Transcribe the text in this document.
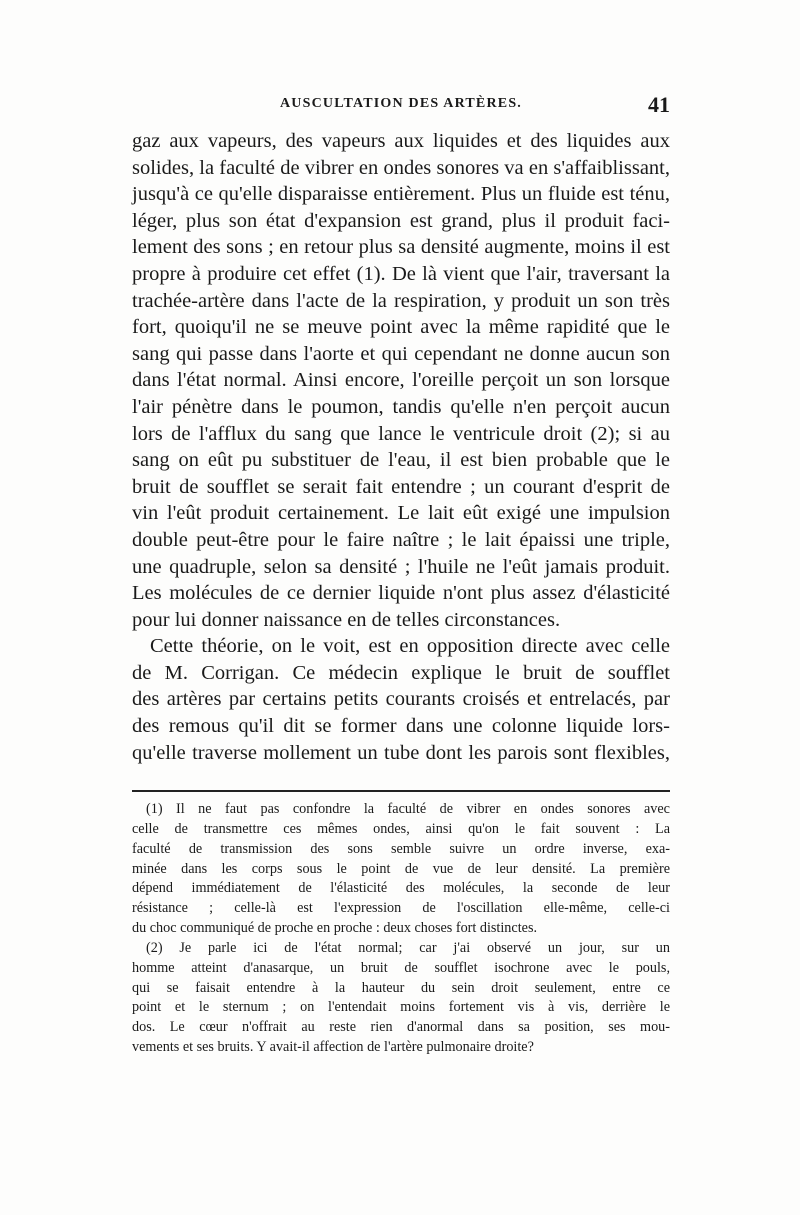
AUSCULTATION DES ARTÈRES.	41
gaz aux vapeurs, des vapeurs aux liquides et des liquides aux
solides, la faculté de vibrer en ondes sonores va en s'affaiblissant,
jusqu'à ce qu'elle disparaisse entièrement. Plus un fluide est ténu,
léger, plus son état d'expansion est grand, plus il produit faci-
lement des sons ; en retour plus sa densité augmente, moins il est
propre à produire cet effet (1). De là vient que l'air, traversant la
trachée-artère dans l'acte de la respiration, y produit un son très
fort, quoiqu'il ne se meuve point avec la même rapidité que le
sang qui passe dans l'aorte et qui cependant ne donne aucun son
dans l'état normal. Ainsi encore, l'oreille perçoit un son lorsque
l'air pénètre dans le poumon, tandis qu'elle n'en perçoit aucun
lors de l'afflux du sang que lance le ventricule droit (2); si au
sang on eût pu substituer de l'eau, il est bien probable que le
bruit de soufflet se serait fait entendre ; un courant d'esprit de
vin l'eût produit certainement. Le lait eût exigé une impulsion
double peut-être pour le faire naître ; le lait épaissi une triple,
une quadruple, selon sa densité ; l'huile ne l'eût jamais produit.
Les molécules de ce dernier liquide n'ont plus assez d'élasticité
pour lui donner naissance en de telles circonstances.
Cette théorie, on le voit, est en opposition directe avec celle
de M. Corrigan. Ce médecin explique le bruit de soufflet
des artères par certains petits courants croisés et entrelacés, par
des remous qu'il dit se former dans une colonne liquide lors-
qu'elle traverse mollement un tube dont les parois sont flexibles,
(1) Il ne faut pas confondre la faculté de vibrer en ondes sonores avec
celle de transmettre ces mêmes ondes, ainsi qu'on le fait souvent : La
faculté de transmission des sons semble suivre un ordre inverse, exa-
minée dans les corps sous le point de vue de leur densité. La première
dépend immédiatement de l'élasticité des molécules, la seconde de leur
résistance ; celle-là est l'expression de l'oscillation elle-même, celle-ci
du choc communiqué de proche en proche : deux choses fort distinctes.
(2) Je parle ici de l'état normal; car j'ai observé un jour, sur un
homme atteint d'anasarque, un bruit de soufflet isochrone avec le pouls,
qui se faisait entendre à la hauteur du sein droit seulement, entre ce
point et le sternum ; on l'entendait moins fortement vis à vis, derrière le
dos. Le cœur n'offrait au reste rien d'anormal dans sa position, ses mou-
vements et ses bruits. Y avait-il affection de l'artère pulmonaire droite?
